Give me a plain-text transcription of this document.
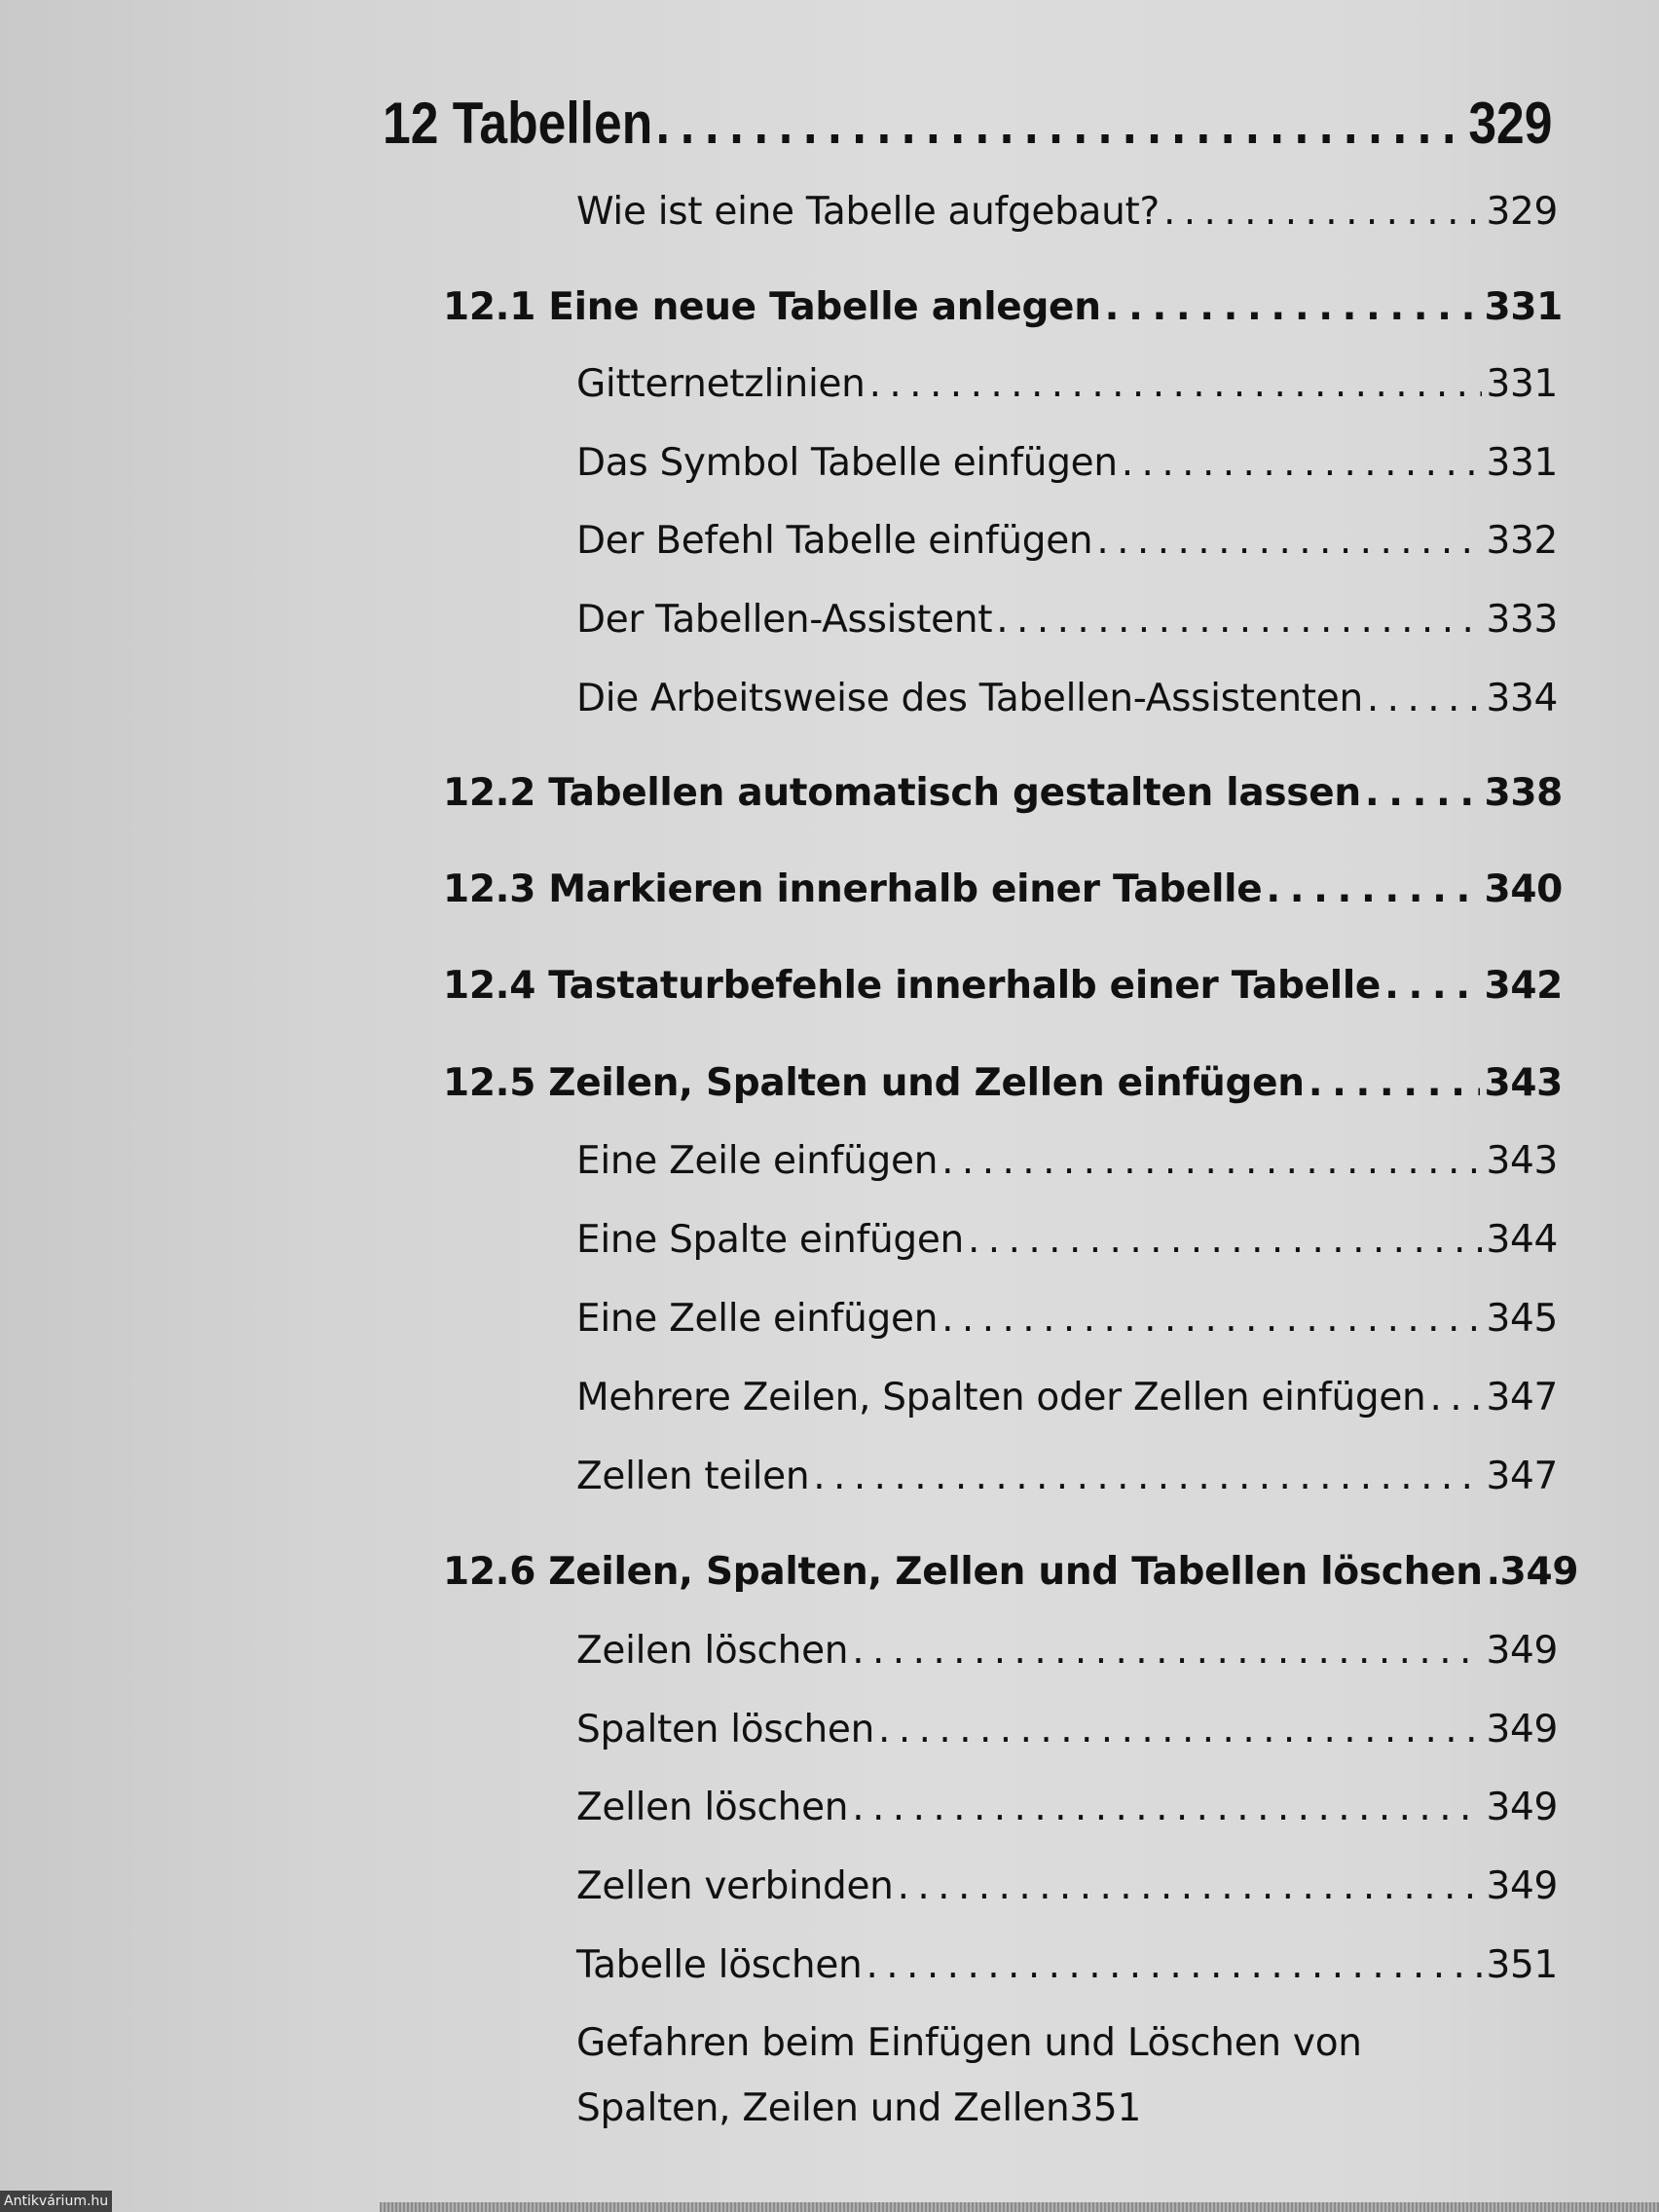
12 Tabellen . . .	329
Wie ist eine Tabelle aufgebaut? . . .	329
12.1 Eine neue Tabelle anlegen . . .	331
Gitternetzlinien . . .	331
Das Symbol Tabelle einfügen . . .	331
Der Befehl Tabelle einfügen . . .	332
Der Tabellen-Assistent . . .	333
Die Arbeitsweise des Tabellen-Assistenten . . .	334
12.2 Tabellen automatisch gestalten lassen . . .	338
12.3 Markieren innerhalb einer Tabelle . . .	340
12.4 Tastaturbefehle innerhalb einer Tabelle . . .	342
12.5 Zeilen, Spalten und Zellen einfügen . . .	343
Eine Zeile einfügen . . .	343
Eine Spalte einfügen . . .	344
Eine Zelle einfügen . . .	345
Mehrere Zeilen, Spalten oder Zellen einfügen . . . 347
Zellen teilen . . .	347
12.6 Zeilen, Spalten, Zellen und Tabellen löschen . . . 349
Zeilen löschen . . .	349
Spalten löschen . . .	349
Zellen löschen . . .	349
Zellen verbinden . . .	349
Tabelle löschen . . .	351
Gefahren beim Einfügen und Löschen von
Spalten, Zeilen und Zellen 351
Antikvárium.hu
